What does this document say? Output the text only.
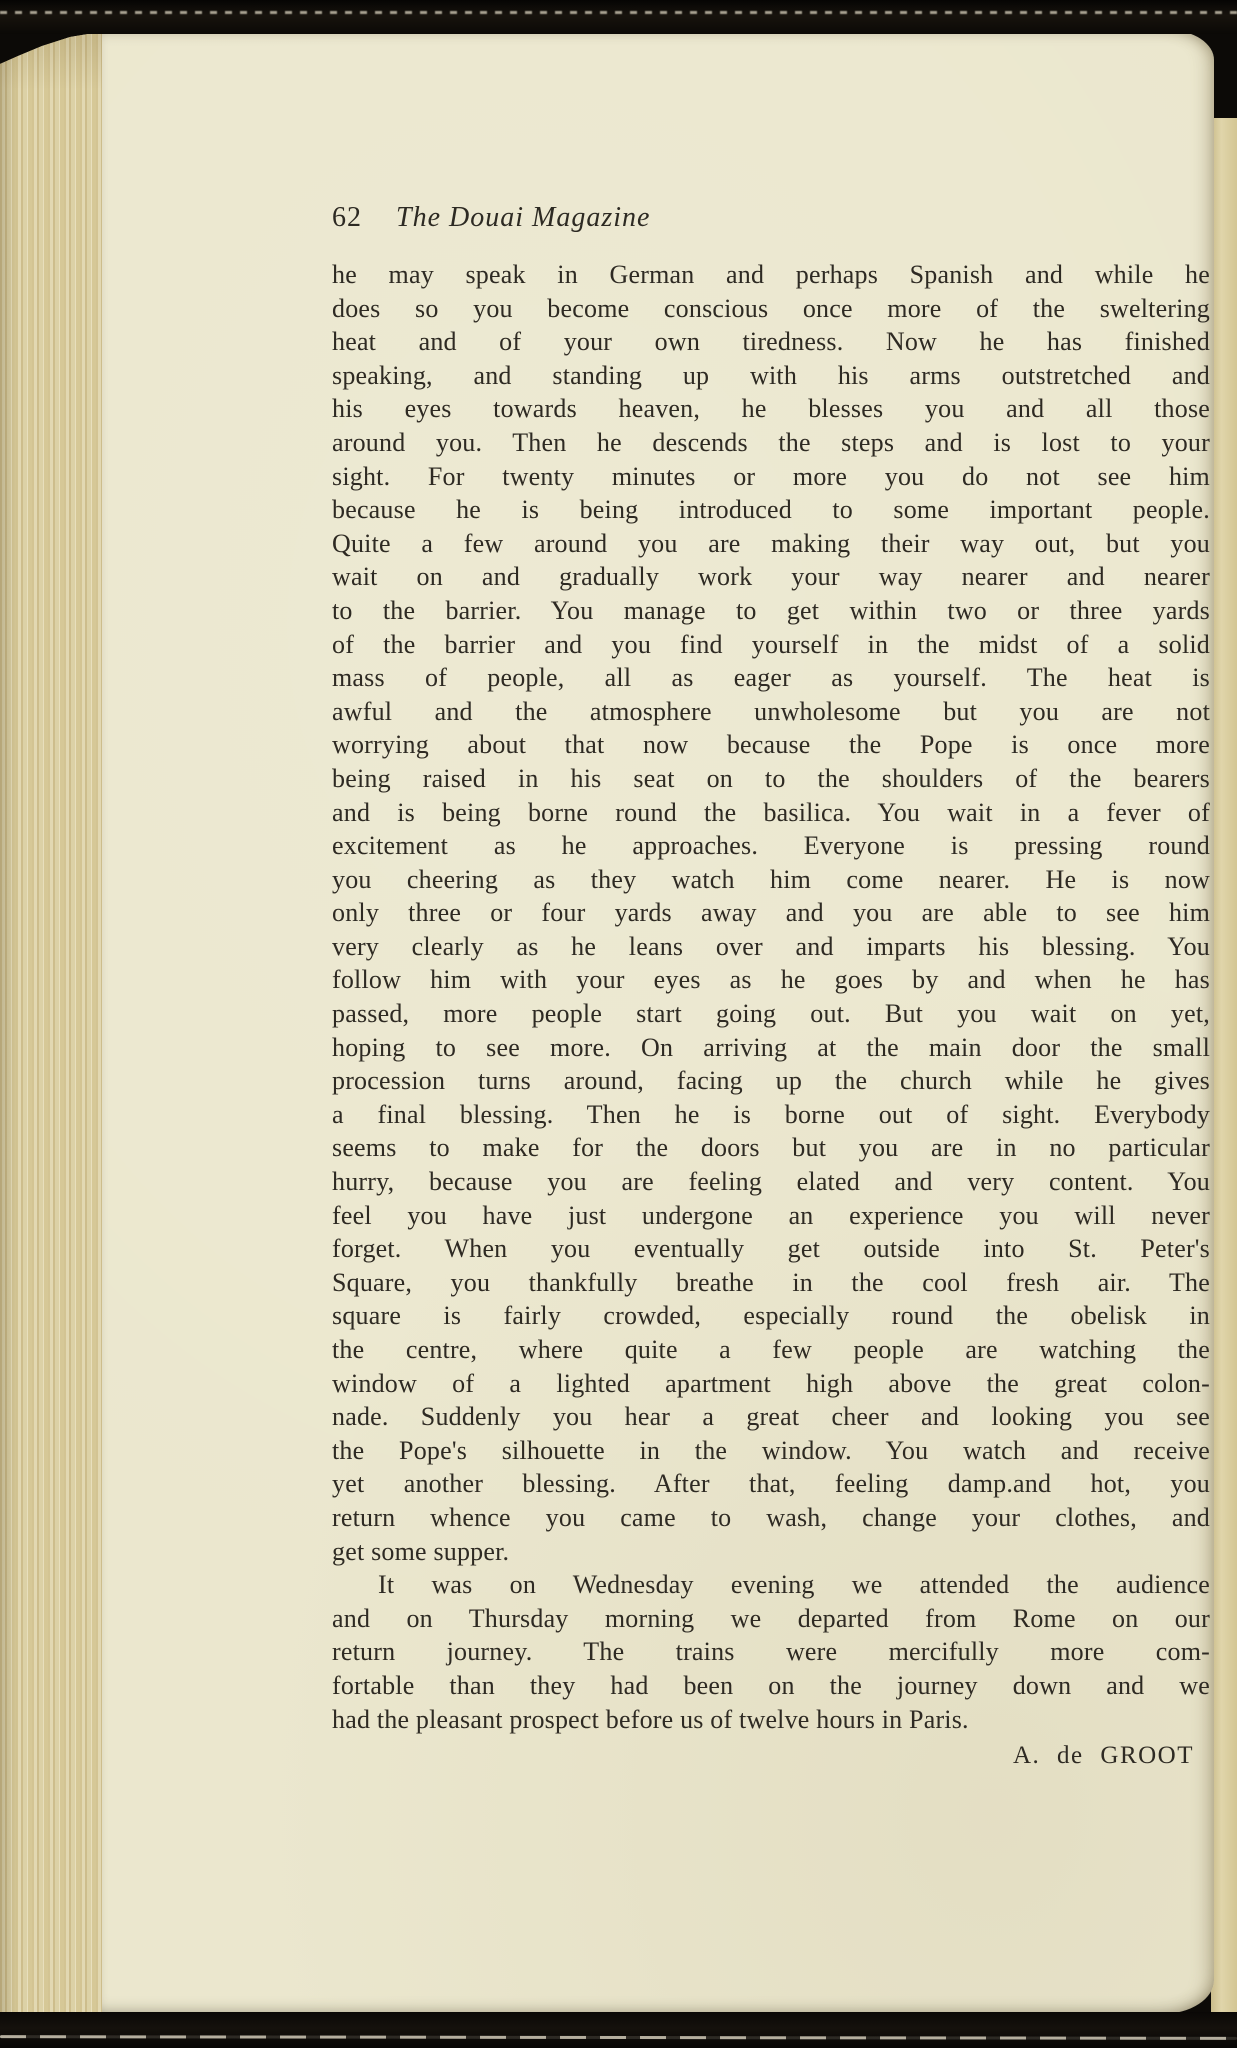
62 The Douai Magazine
he may speak in German and perhaps Spanish and while he
does so you become conscious once more of the sweltering
heat and of your own tiredness. Now he has finished
speaking, and standing up with his arms outstretched and
his eyes towards heaven, he blesses you and all those
around you. Then he descends the steps and is lost to your
sight. For twenty minutes or more you do not see him
because he is being introduced to some important people.
Quite a few around you are making their way out, but you
wait on and gradually work your way nearer and nearer
to the barrier. You manage to get within two or three yards
of the barrier and you find yourself in the midst of a solid
mass of people, all as eager as yourself. The heat is
awful and the atmosphere unwholesome but you are not
worrying about that now because the Pope is once more
being raised in his seat on to the shoulders of the bearers
and is being borne round the basilica. You wait in a fever of
excitement as he approaches. Everyone is pressing round
you cheering as they watch him come nearer. He is now
only three or four yards away and you are able to see him
very clearly as he leans over and imparts his blessing. You
follow him with your eyes as he goes by and when he has
passed, more people start going out. But you wait on yet,
hoping to see more. On arriving at the main door the small
procession turns around, facing up the church while he gives
a final blessing. Then he is borne out of sight. Everybody
seems to make for the doors but you are in no particular
hurry, because you are feeling elated and very content. You
feel you have just undergone an experience you will never
forget. When you eventually get outside into St. Peter's
Square, you thankfully breathe in the cool fresh air. The
square is fairly crowded, especially round the obelisk in
the centre, where quite a few people are watching the
window of a lighted apartment high above the great colon-
nade. Suddenly you hear a great cheer and looking you see
the Pope's silhouette in the window. You watch and receive
yet another blessing. After that, feeling damp.and hot, you
return whence you came to wash, change your clothes, and
get some supper.
It was on Wednesday evening we attended the audience
and on Thursday morning we departed from Rome on our
return journey. The trains were mercifully more com-
fortable than they had been on the journey down and we
had the pleasant prospect before us of twelve hours in Paris.
A. de GROOT
